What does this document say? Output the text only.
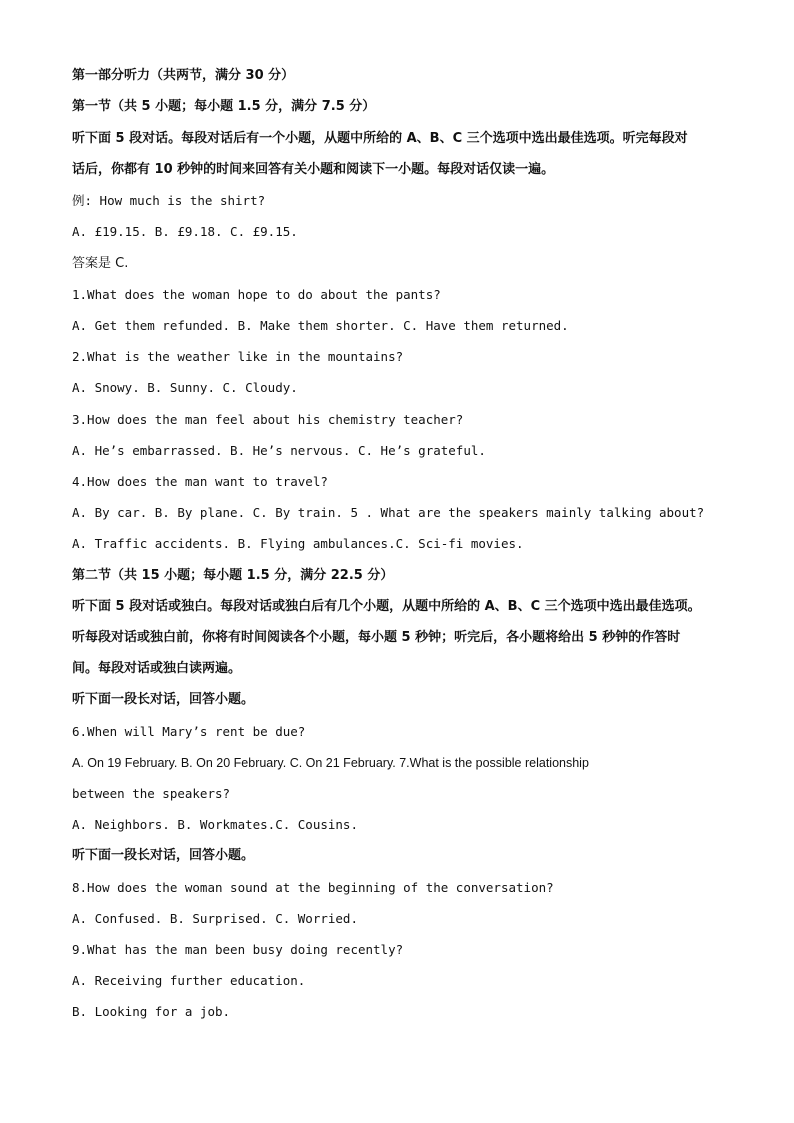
第一部分听力（共两节，满分 30 分）
第一节（共 5 小题；每小题 1.5 分，满分 7.5 分）
听下面 5 段对话。每段对话后有一个小题，从题中所给的 A、B、C 三个选项中选出最佳选项。听完每段对
话后，你都有 10 秒钟的时间来回答有关小题和阅读下一小题。每段对话仅读一遍。
例: How much is the shirt?
A. £19.15. B. £9.18. C. £9.15.
答案是 C.
1.What does the woman hope to do about the pants?
A. Get them refunded. B. Make them shorter. C. Have them returned.
2.What is the weather like in the mountains?
A. Snowy. B. Sunny. C. Cloudy.
3.How does the man feel about his chemistry teacher?
A. He’s embarrassed. B. He’s nervous. C. He’s grateful.
4.How does the man want to travel?
A. By car. B. By plane. C. By train. 5 . What are the speakers mainly talking about?
A. Traffic accidents. B. Flying ambulances.C. Sci-fi movies.
第二节（共 15 小题；每小题 1.5 分，满分 22.5 分）
听下面 5 段对话或独白。每段对话或独白后有几个小题，从题中所给的 A、B、C 三个选项中选出最佳选项。
听每段对话或独白前，你将有时间阅读各个小题，每小题 5 秒钟；听完后，各小题将给出 5 秒钟的作答时
间。每段对话或独白读两遍。
听下面一段长对话，回答小题。
6.When will Mary’s rent be due?
A. On 19 February. B. On 20 February. C. On 21 February. 7.What is the possible relationship
between the speakers?
A. Neighbors. B. Workmates.C. Cousins.
听下面一段长对话，回答小题。
8.How does the woman sound at the beginning of the conversation?
A. Confused. B. Surprised. C. Worried.
9.What has the man been busy doing recently?
A. Receiving further education.
B. Looking for a job.
